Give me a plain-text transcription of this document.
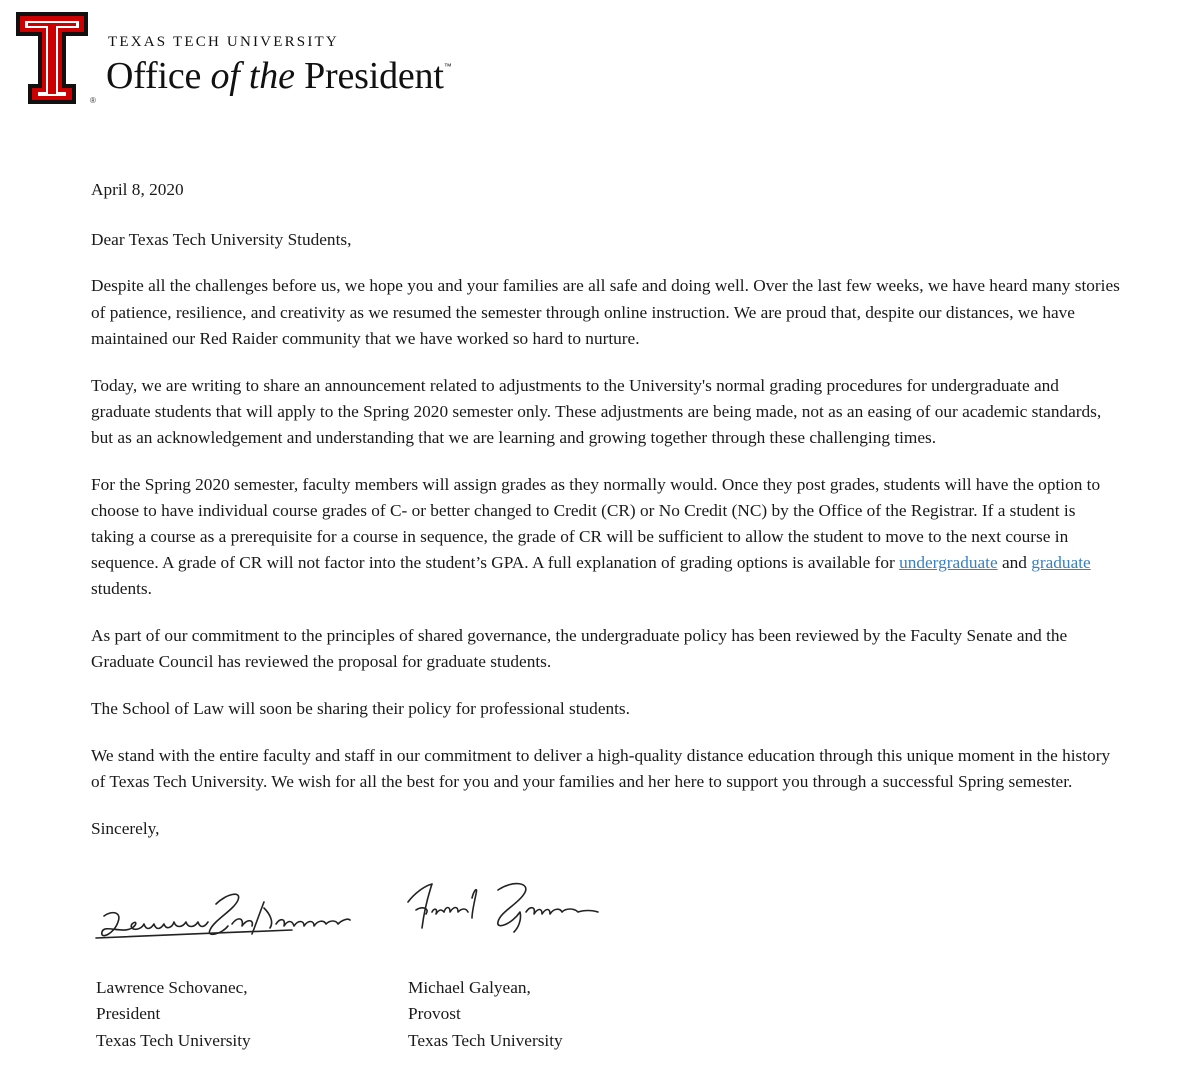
®
TEXAS TECH UNIVERSITY
Office of the President™

April 8, 2020

Dear Texas Tech University Students,

Despite all the challenges before us, we hope you and your families are all safe and doing well. Over the last few weeks, we have heard many stories of patience, resilience, and creativity as we resumed the semester through online instruction. We are proud that, despite our distances, we have maintained our Red Raider community that we have worked so hard to nurture.

Today, we are writing to share an announcement related to adjustments to the University's normal grading procedures for undergraduate and graduate students that will apply to the Spring 2020 semester only. These adjustments are being made, not as an easing of our academic standards, but as an acknowledgement and understanding that we are learning and growing together through these challenging times.

For the Spring 2020 semester, faculty members will assign grades as they normally would. Once they post grades, students will have the option to choose to have individual course grades of C- or better changed to Credit (CR) or No Credit (NC) by the Office of the Registrar. If a student is taking a course as a prerequisite for a course in sequence, the grade of CR will be sufficient to allow the student to move to the next course in sequence. A grade of CR will not factor into the student’s GPA. A full explanation of grading options is available for undergraduate and graduate students.

As part of our commitment to the principles of shared governance, the undergraduate policy has been reviewed by the Faculty Senate and the Graduate Council has reviewed the proposal for graduate students.

The School of Law will soon be sharing their policy for professional students.

We stand with the entire faculty and staff in our commitment to deliver a high-quality distance education through this unique moment in the history of Texas Tech University. We wish for all the best for you and your families and her here to support you through a successful Spring semester.

Sincerely,

Lawrence Schovanec,
President
Texas Tech University
Michael Galyean,
Provost
Texas Tech University
